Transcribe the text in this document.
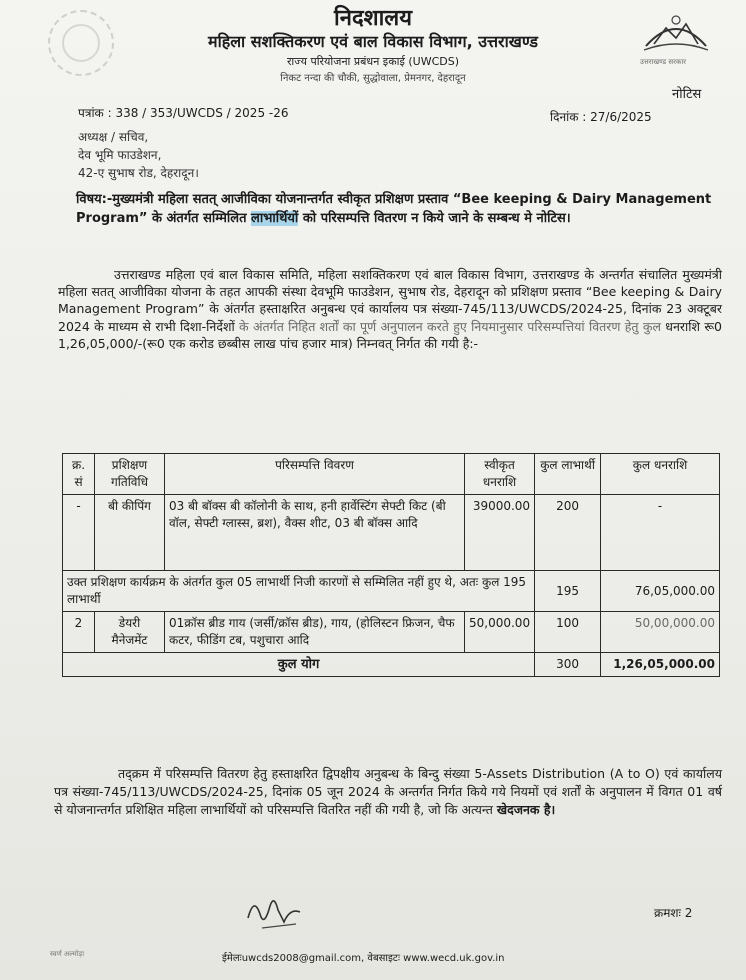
निदशालय
महिला सशक्तिकरण एवं बाल विकास विभाग, उत्तराखण्ड
राज्य परियोजना प्रबंधन इकाई (UWCDS)
निकट नन्दा की चौकी, सुद्धोवाला, प्रेमनगर, देहरादून
उत्तराखण्ड सरकार
नोटिस
पत्रांक : 338 / 353/UWCDS / 2025 -26	दिनांक : 27/6/2025
अध्यक्ष / सचिव,
देव भूमि फाउडेशन,
42-ए सुभाष रोड, देहरादून।
विषय:-मुख्यमंत्री महिला सतत् आजीविका योजनान्तर्गत स्वीकृत प्रशिक्षण प्रस्ताव “Bee keeping & Dairy Management Program” के अंतर्गत सम्मिलित लाभार्थियों को परिसम्पत्ति वितरण न किये जाने के सम्बन्ध मे नोटिस।
उत्तराखण्ड महिला एवं बाल विकास समिति, महिला सशक्तिकरण एवं बाल विकास विभाग, उत्तराखण्ड के अन्तर्गत संचालित मुख्यमंत्री महिला सतत् आजीविका योजना के तहत आपकी संस्था देवभूमि फाउडेशन, सुभाष रोड, देहरादून को प्रशिक्षण प्रस्ताव “Bee keeping & Dairy Management Program” के अंतर्गत हस्ताक्षरित अनुबन्ध एवं कार्यालय पत्र संख्या-745/113/UWCDS/2024-25, दिनांक 23 अक्टूबर 2024 के माध्यम से राभी दिशा-निर्देशों के अंतर्गत निहित शर्तों का पूर्ण अनुपालन करते हुए नियमानुसार परिसम्पत्तियां वितरण हेतु कुल धनराशि रू0 1,26,05,000/-(रू0 एक करोड छब्बीस लाख पांच हजार मात्र) निम्नवत् निर्गत की गयी है:-
क्र. सं	प्रशिक्षण गतिविधि	परिसम्पत्ति विवरण	स्वीकृत धनराशि	कुल लाभार्थी	कुल धनराशि
-	बी कीपिंग	03 बी बॉक्स बी कॉलोनी के साथ, हनी हार्वेस्टिंग सेफ्टी किट (बी वॉल, सेफ्टी ग्लास्स, ब्रश), वैक्स शीट, 03 बी बॉक्स आदि	39000.00	200	-
उक्त प्रशिक्षण कार्यक्रम के अंतर्गत कुल 05 लाभार्थी निजी कारणों से सम्मिलित नहीं हुए थे, अतः कुल 195 लाभार्थी				195	76,05,000.00
2	डेयरी मैनेजमेंट	01क्रॉस ब्रीड गाय (जर्सी/क्रॉस ब्रीड), गाय, (होलिस्टन फ्रिजन, चैफ कटर, फीडिंग टब, पशुचारा आदि	50,000.00	100	50,00,000.00
कुल योग				300	1,26,05,000.00
तद्क्रम में परिसम्पत्ति वितरण हेतु हस्ताक्षरित द्विपक्षीय अनुबन्ध के बिन्दु संख्या 5-Assets Distribution (A to O) एवं कार्यालय पत्र संख्या-745/113/UWCDS/2024-25, दिनांक 05 जून 2024 के अन्तर्गत निर्गत किये गये नियमों एवं शर्तों के अनुपालन में विगत 01 वर्ष से योजनान्तर्गत प्रशिक्षित महिला लाभार्थियों को परिसम्पत्ति वितरित नहीं की गयी है, जो कि अत्यन्त खेदजनक है।
क्रमशः 2
स्वर्ण अल्मोड़ा	ईमेलःuwcds2008@gmail.com, वेबसाइटः www.wecd.uk.gov.in
